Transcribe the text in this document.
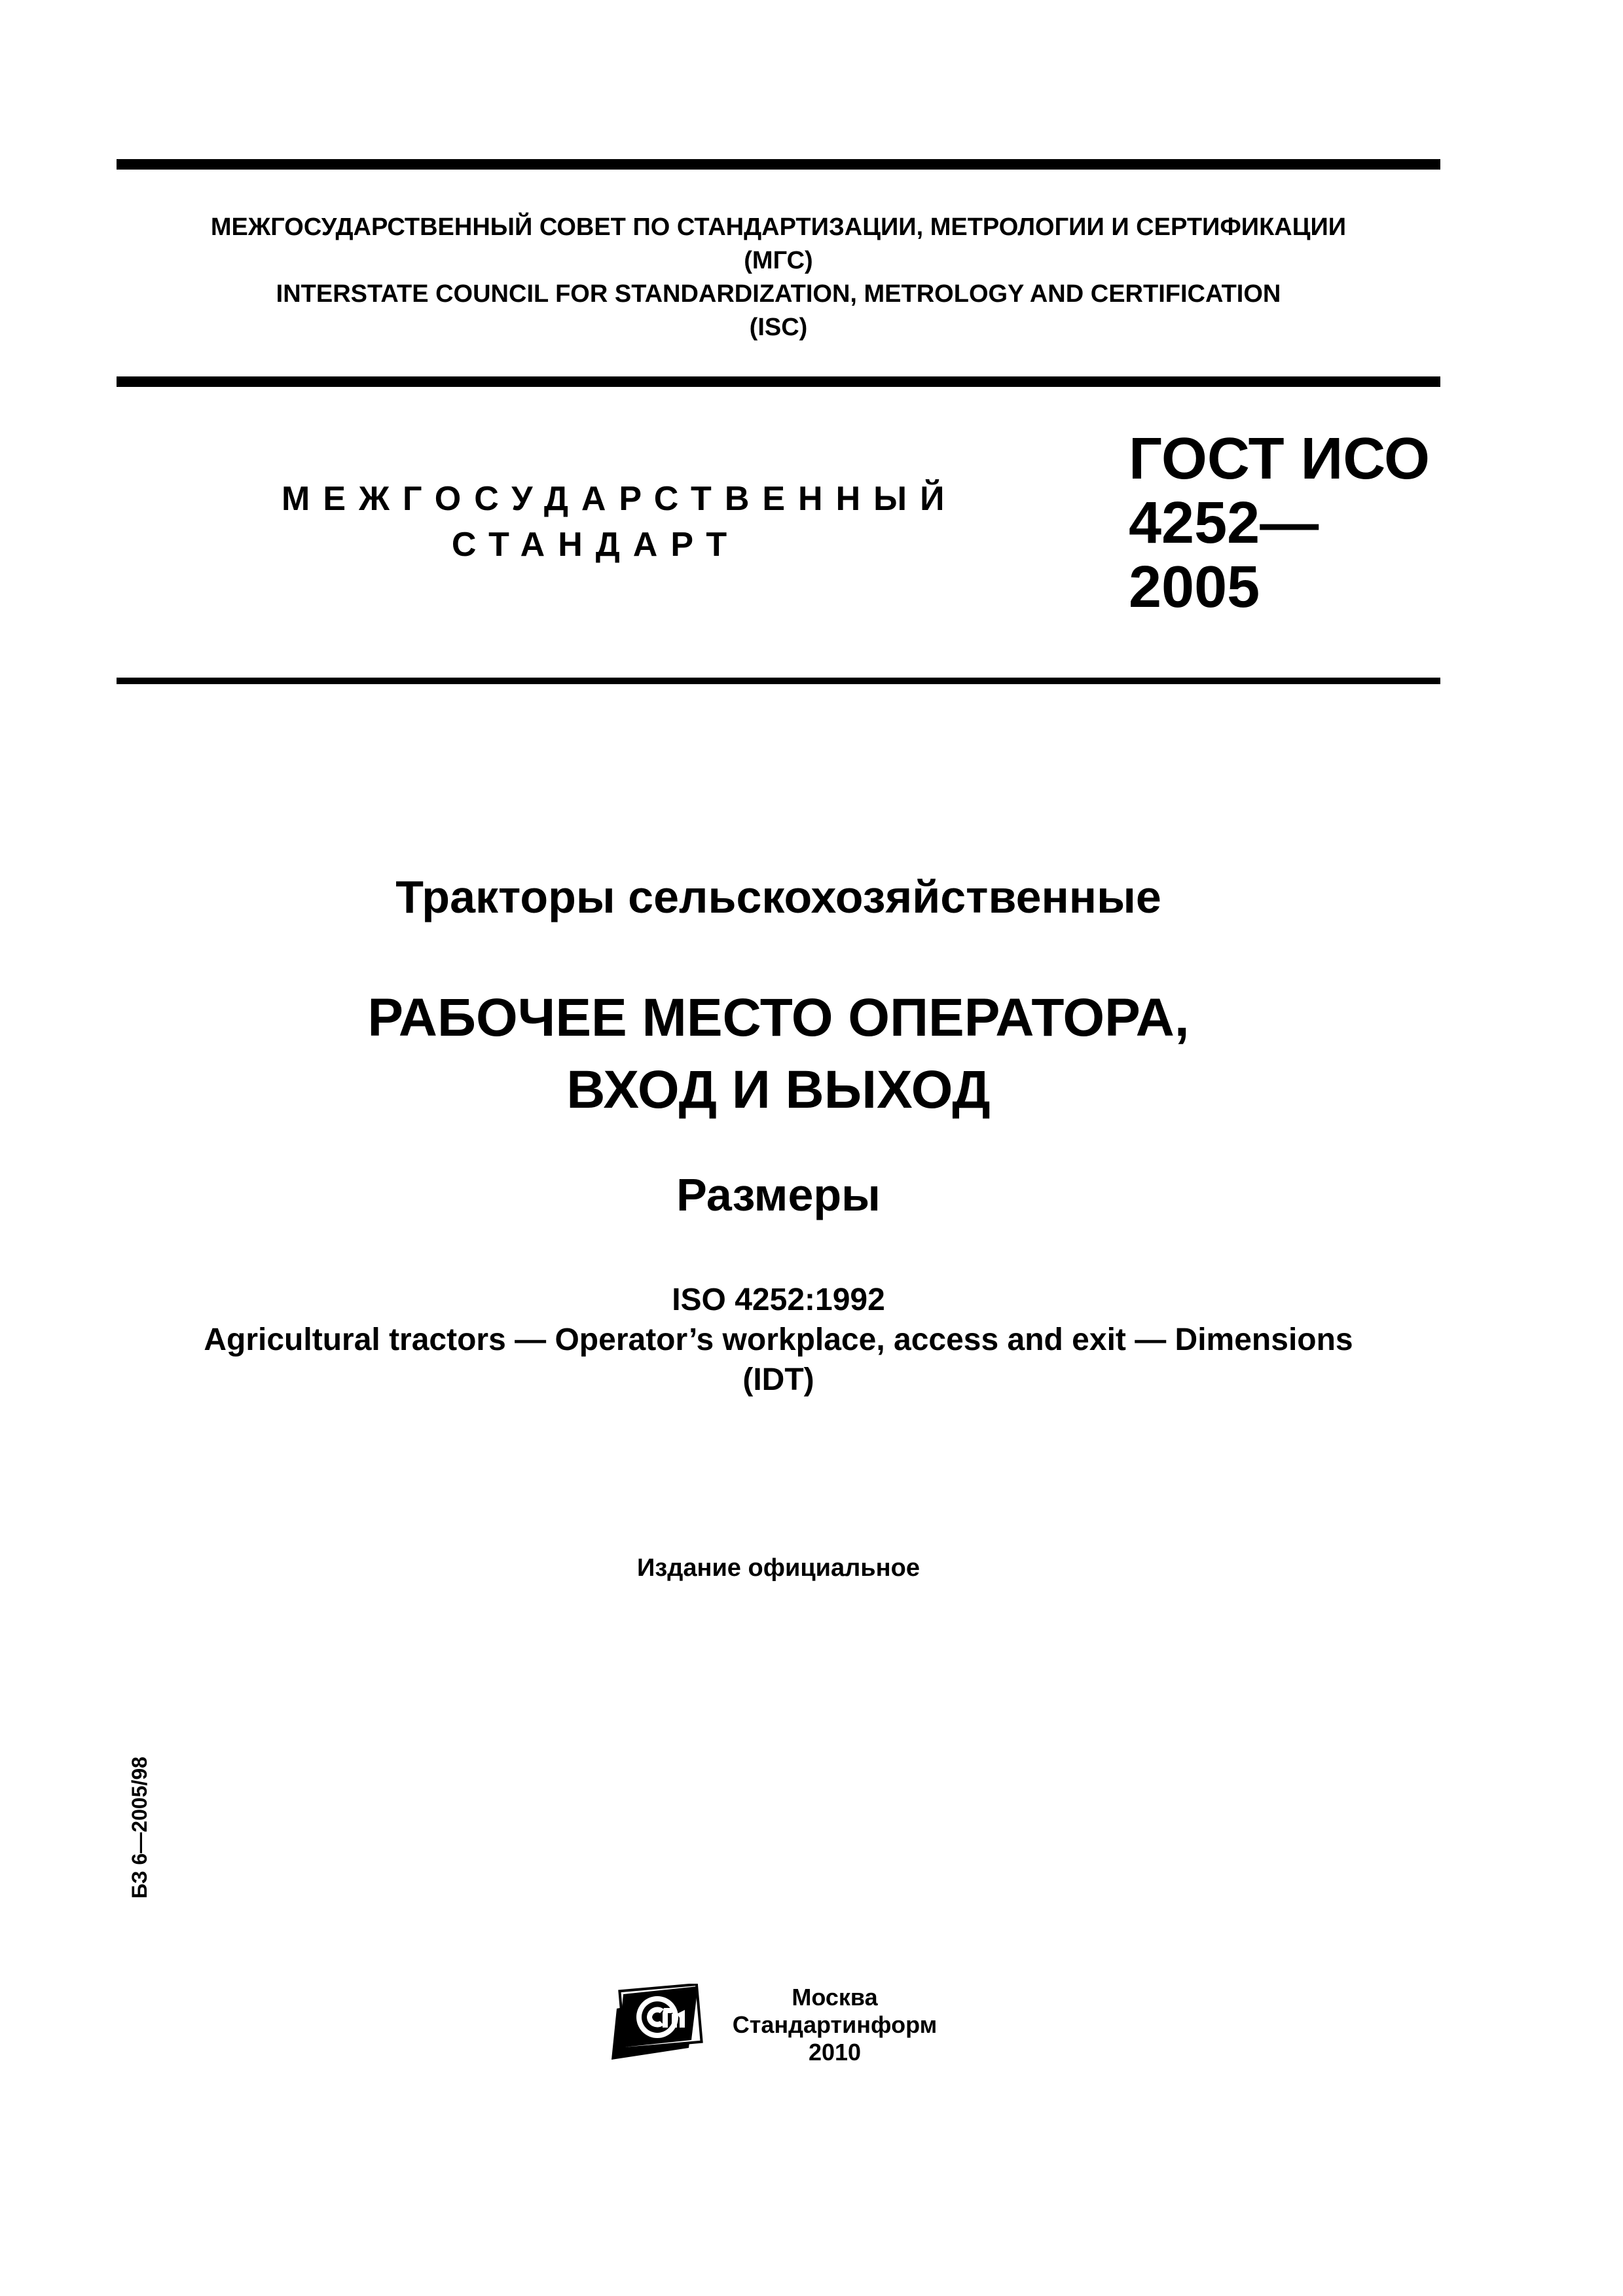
МЕЖГОСУДАРСТВЕННЫЙ СОВЕТ ПО СТАНДАРТИЗАЦИИ, МЕТРОЛОГИИ И СЕРТИФИКАЦИИ
(МГС)
INTERSTATE COUNCIL FOR STANDARDIZATION, METROLOGY AND CERTIFICATION
(ISC)
МЕЖГОСУДАРСТВЕННЫЙ
СТАНДАРТ
ГОСТ ИСО
4252—
2005
Тракторы сельскохозяйственные
РАБОЧЕЕ МЕСТО ОПЕРАТОРА,
ВХОД И ВЫХОД
Размеры
ISO 4252:1992
Agricultural tractors — Operator’s workplace, access and exit — Dimensions
(IDT)
Издание официальное
БЗ 6—2005/98
Москва
Стандартинформ
2010
